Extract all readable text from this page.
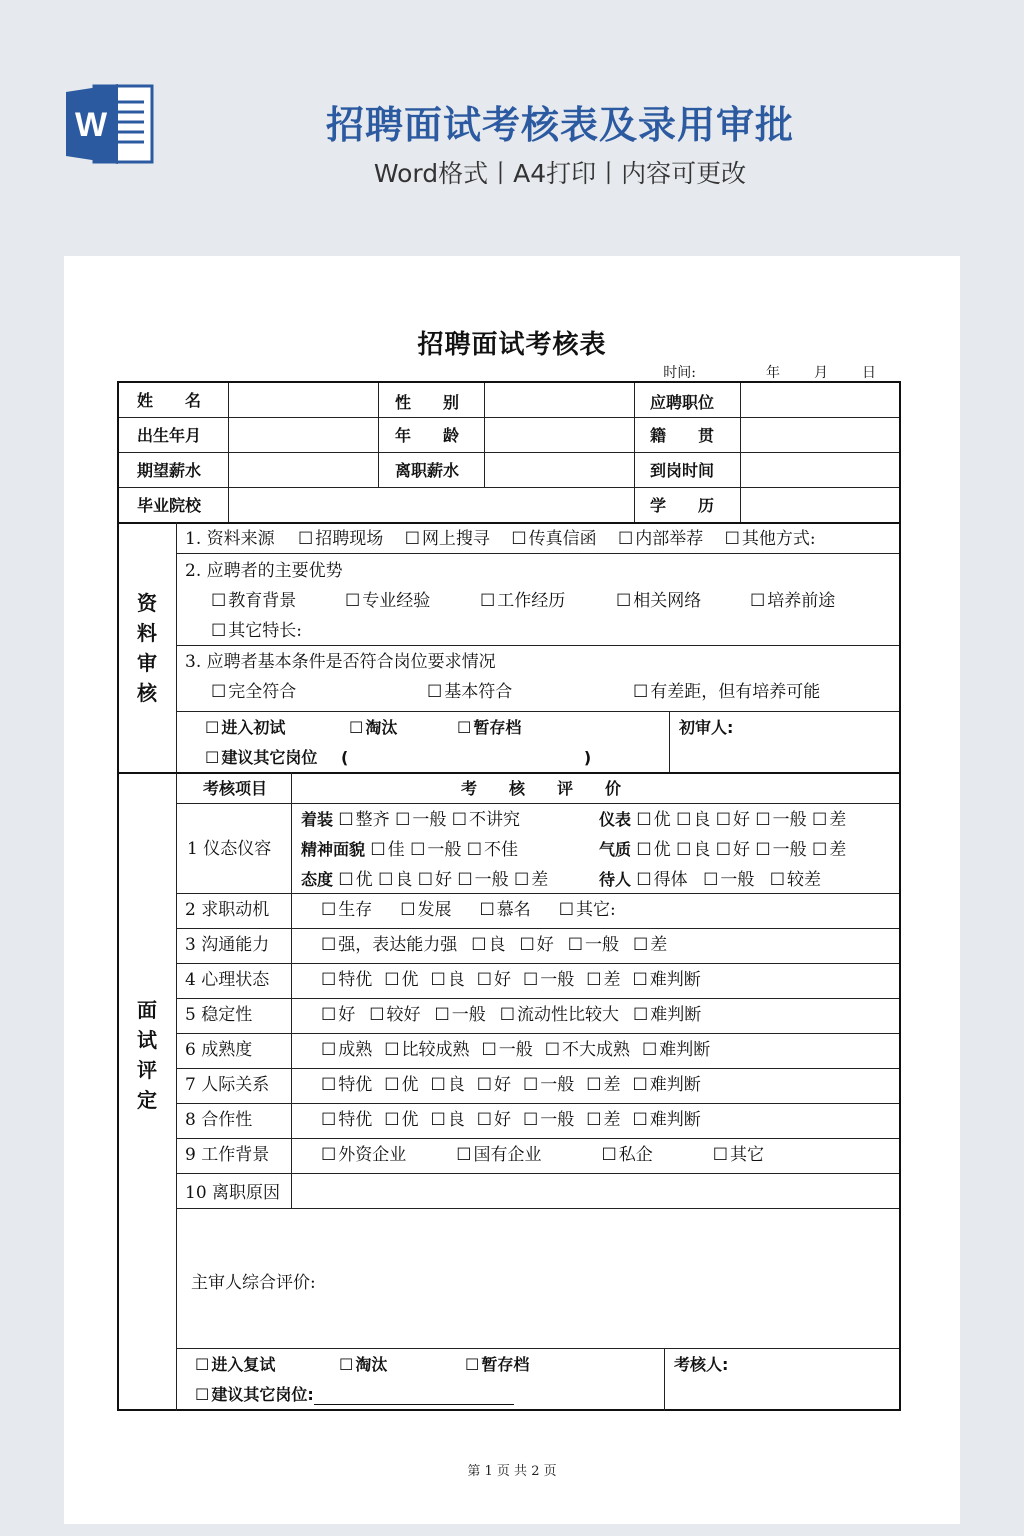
W	招聘面试考核表及录用审批
Word格式丨A4打印丨内容可更改
招聘面试考核表
时间:	年 月 日
姓　　名	性　　别	应聘职位
出生年月	年　　龄	籍　　贯
期望薪水	离职薪水	到岗时间
毕业院校	学　　历
资
料
审
核
1. 资料来源 ☐ 招聘现场 ☐ 网上搜寻 ☐ 传真信函 ☐ 内部举荐 ☐ 其他方式:
2. 应聘者的主要优势
☐ 教育背景	☐ 专业经验	☐ 工作经历	☐ 相关网络	☐ 培养前途
☐ 其它特长:
3. 应聘者基本条件是否符合岗位要求情况
☐ 完全符合	☐ 基本符合	☐ 有差距，但有培养可能
☐ 进入初试	☐ 淘汰	☐ 暂存档
☐ 建议其它岗位 (	)
初审人:
面
试
评
定
考核项目	考　　核　　评　　价
1 仪态仪容
着装 ☐ 整齐 ☐ 一般 ☐ 不讲究	仪表 ☐ 优 ☐ 良 ☐ 好 ☐ 一般 ☐ 差
精神面貌 ☐ 佳 ☐ 一般 ☐ 不佳	气质 ☐ 优 ☐ 良 ☐ 好 ☐ 一般 ☐ 差
态度 ☐ 优 ☐ 良 ☐ 好 ☐ 一般 ☐ 差	待人 ☐ 得体 ☐ 一般 ☐ 较差
2 求职动机	☐ 生存	☐ 发展	☐ 慕名	☐ 其它:
3 沟通能力	☐ 强，表达能力强 ☐ 良 ☐ 好 ☐ 一般 ☐ 差
4 心理状态	☐ 特优 ☐ 优 ☐ 良 ☐ 好 ☐ 一般 ☐ 差 ☐ 难判断
5 稳定性	☐ 好 ☐ 较好 ☐ 一般 ☐ 流动性比较大 ☐ 难判断
6 成熟度	☐ 成熟 ☐ 比较成熟 ☐ 一般 ☐ 不大成熟 ☐ 难判断
7 人际关系	☐ 特优 ☐ 优 ☐ 良 ☐ 好 ☐ 一般 ☐ 差 ☐ 难判断
8 合作性	☐ 特优 ☐ 优 ☐ 良 ☐ 好 ☐ 一般 ☐ 差 ☐ 难判断
9 工作背景	☐ 外资企业	☐ 国有企业	☐ 私企	☐ 其它
10 离职原因
主审人综合评价:
☐ 进入复试	☐ 淘汰	☐ 暂存档
☐ 建议其它岗位:
考核人:
第 1 页 共 2 页
